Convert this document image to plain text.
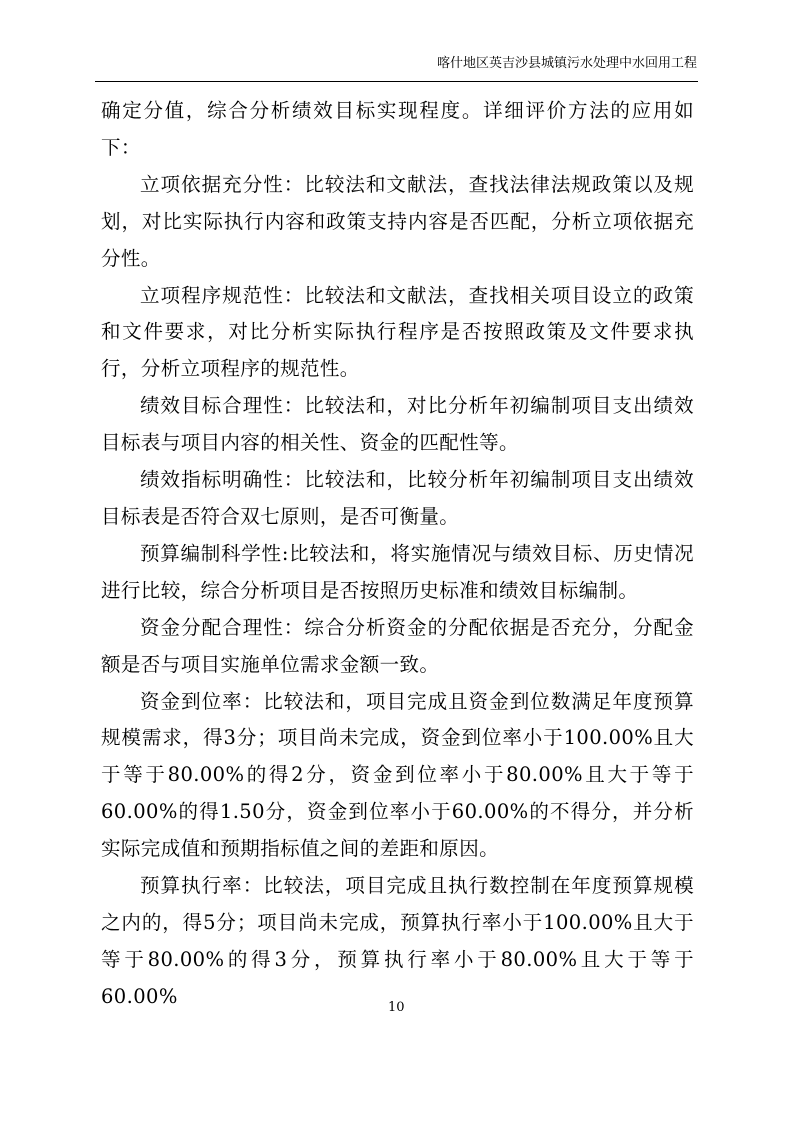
喀什地区英吉沙县城镇污水处理中水回用工程

确定分值，综合分析绩效目标实现程度。详细评价方法的应用如下：

立项依据充分性：比较法和文献法，查找法律法规政策以及规划，对比实际执行内容和政策支持内容是否匹配，分析立项依据充分性。

立项程序规范性：比较法和文献法，查找相关项目设立的政策和文件要求，对比分析实际执行程序是否按照政策及文件要求执行，分析立项程序的规范性。

绩效目标合理性：比较法和，对比分析年初编制项目支出绩效目标表与项目内容的相关性、资金的匹配性等。

绩效指标明确性：比较法和，比较分析年初编制项目支出绩效目标表是否符合双七原则，是否可衡量。

预算编制科学性:比较法和，将实施情况与绩效目标、历史情况进行比较，综合分析项目是否按照历史标准和绩效目标编制。

资金分配合理性：综合分析资金的分配依据是否充分，分配金额是否与项目实施单位需求金额一致。

资金到位率：比较法和，项目完成且资金到位数满足年度预算规模需求，得3分；项目尚未完成，资金到位率小于100.00%且大于等于80.00%的得2分，资金到位率小于80.00%且大于等于60.00%的得1.50分，资金到位率小于60.00%的不得分，并分析实际完成值和预期指标值之间的差距和原因。

预算执行率：比较法，项目完成且执行数控制在年度预算规模之内的，得5分；项目尚未完成，预算执行率小于100.00%且大于等于80.00%的得3分，预算执行率小于80.00%且大于等于60.00%	10
